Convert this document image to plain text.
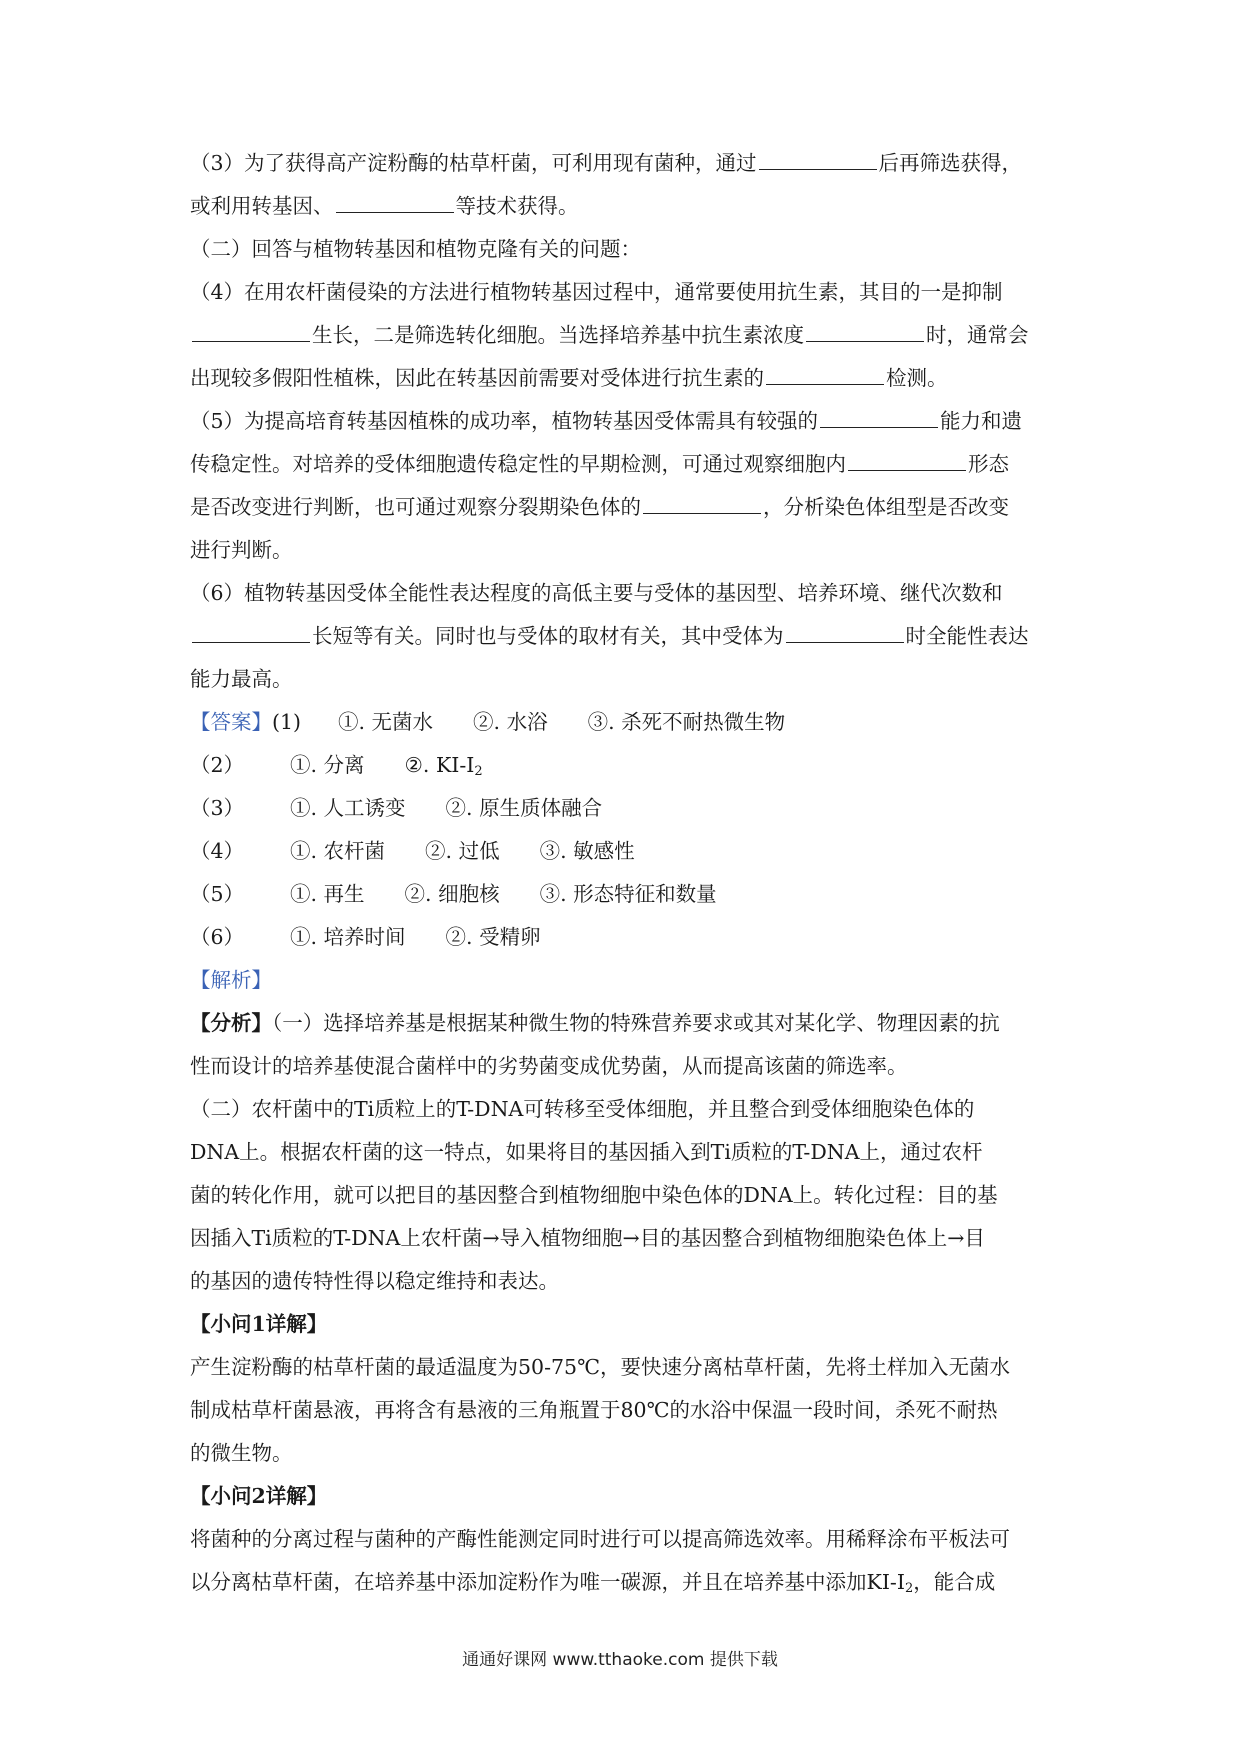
（3）为了获得高产淀粉酶的枯草杆菌，可利用现有菌种，通过	后再筛选获得，
或利用转基因、	等技术获得。
（二）回答与植物转基因和植物克隆有关的问题：
（4）在用农杆菌侵染的方法进行植物转基因过程中，通常要使用抗生素，其目的一是抑制
生长，二是筛选转化细胞。当选择培养基中抗生素浓度	时，通常会
出现较多假阳性植株，因此在转基因前需要对受体进行抗生素的	检测。
（5）为提高培育转基因植株的成功率，植物转基因受体需具有较强的	能力和遗
传稳定性。对培养的受体细胞遗传稳定性的早期检测，可通过观察细胞内	形态
是否改变进行判断，也可通过观察分裂期染色体的	，分析染色体组型是否改变
进行判断。
（6）植物转基因受体全能性表达程度的高低主要与受体的基因型、培养环境、继代次数和
长短等有关。同时也与受体的取材有关，其中受体为	时全能性表达
能力最高。
【答案】(1) ①. 无菌水 ②. 水浴 ③. 杀死不耐热微生物
（2） ①. 分离 ②. $KI-I_2$
（3） ①. 人工诱变 ②. 原生质体融合
（4） ①. 农杆菌 ②. 过低 ③. 敏感性
（5） ①. 再生 ②. 细胞核 ③. 形态特征和数量
（6） ①. 培养时间 ②. 受精卵
【解析】
【分析】（一）选择培养基是根据某种微生物的特殊营养要求或其对某化学、物理因素的抗
性而设计的培养基使混合菌样中的劣势菌变成优势菌，从而提高该菌的筛选率。
（二）农杆菌中的Ti质粒上的T-DNA可转移至受体细胞，并且整合到受体细胞染色体的
DNA上。根据农杆菌的这一特点，如果将目的基因插入到Ti质粒的T-DNA上，通过农杆
菌的转化作用，就可以把目的基因整合到植物细胞中染色体的DNA上。转化过程：目的基
因插入Ti质粒的T-DNA上农杆菌→导入植物细胞→目的基因整合到植物细胞染色体上→目
的基因的遗传特性得以稳定维持和表达。
【小问1详解】
产生淀粉酶的枯草杆菌的最适温度为50-75℃，要快速分离枯草杆菌，先将土样加入无菌水
制成枯草杆菌悬液，再将含有悬液的三角瓶置于80℃的水浴中保温一段时间，杀死不耐热
的微生物。
【小问2详解】
将菌种的分离过程与菌种的产酶性能测定同时进行可以提高筛选效率。用稀释涂布平板法可
以分离枯草杆菌，在培养基中添加淀粉作为唯一碳源，并且在培养基中添加$KI-I_2$，能合成
通通好课网 www.tthaoke.com 提供下载
